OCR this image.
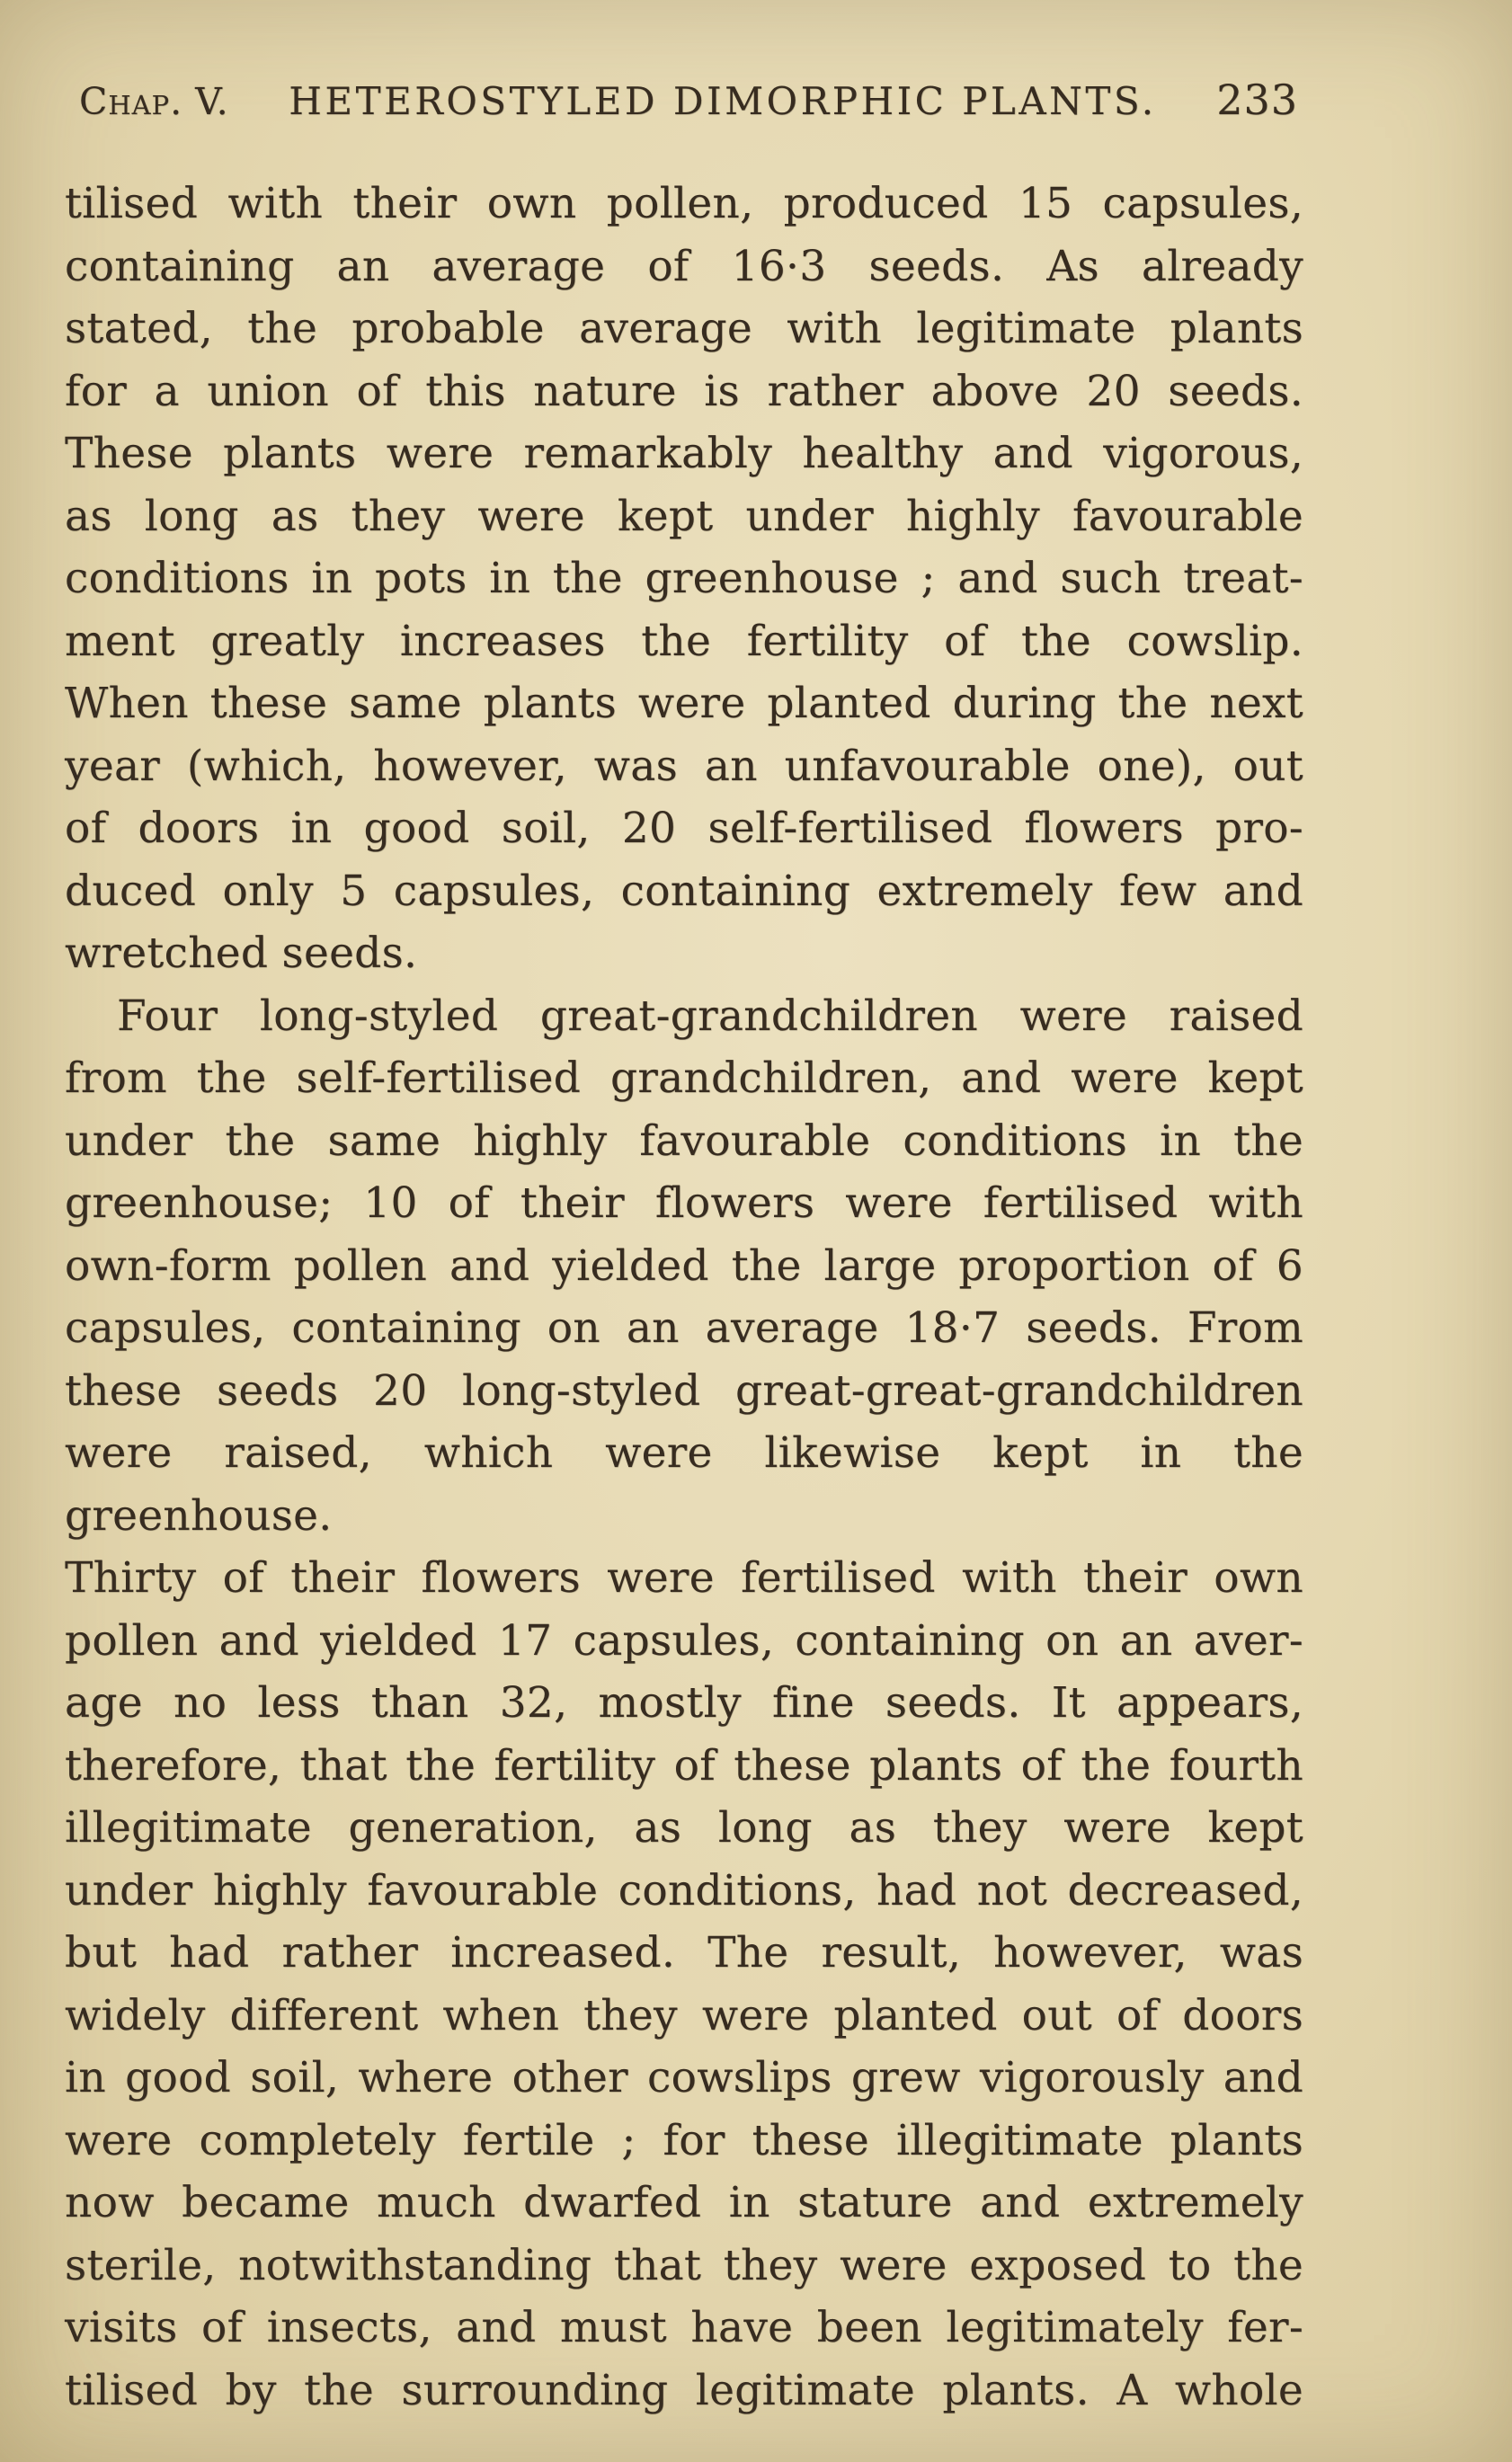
Chap. V.	HETEROSTYLED DIMORPHIC PLANTS.	233
tilised with their own pollen, produced 15 capsules,
containing an average of 16·3 seeds. As already
stated, the probable average with legitimate plants
for a union of this nature is rather above 20 seeds.
These plants were remarkably healthy and vigorous,
as long as they were kept under highly favourable
conditions in pots in the greenhouse ; and such treat-
ment greatly increases the fertility of the cowslip.
When these same plants were planted during the next
year (which, however, was an unfavourable one), out
of doors in good soil, 20 self-fertilised flowers pro-
duced only 5 capsules, containing extremely few and
wretched seeds.
Four long-styled great-grandchildren were raised
from the self-fertilised grandchildren, and were kept
under the same highly favourable conditions in the
greenhouse; 10 of their flowers were fertilised with
own-form pollen and yielded the large proportion of 6
capsules, containing on an average 18·7 seeds. From
these seeds 20 long-styled great-great-grandchildren
were raised, which were likewise kept in the greenhouse.
Thirty of their flowers were fertilised with their own
pollen and yielded 17 capsules, containing on an aver-
age no less than 32, mostly fine seeds. It appears,
therefore, that the fertility of these plants of the fourth
illegitimate generation, as long as they were kept
under highly favourable conditions, had not decreased,
but had rather increased. The result, however, was
widely different when they were planted out of doors
in good soil, where other cowslips grew vigorously and
were completely fertile ; for these illegitimate plants
now became much dwarfed in stature and extremely
sterile, notwithstanding that they were exposed to the
visits of insects, and must have been legitimately fer-
tilised by the surrounding legitimate plants. A whole
